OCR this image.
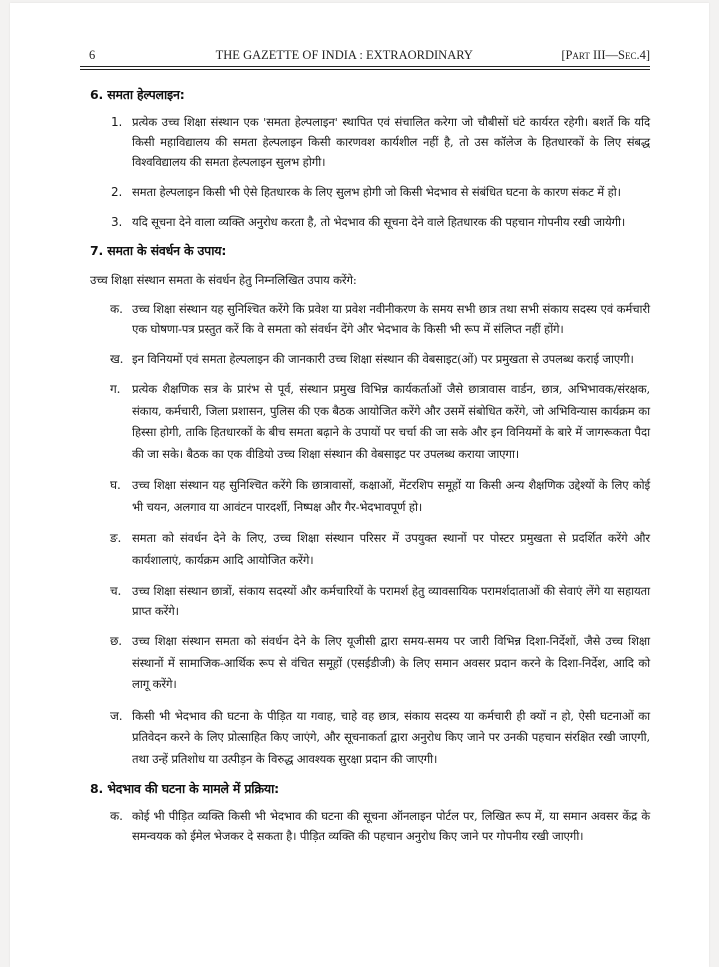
6	THE GAZETTE OF INDIA : EXTRAORDINARY	[Part III—Sec.4]
6. समता हेल्पलाइन:
1. प्रत्येक उच्च शिक्षा संस्थान एक 'समता हेल्पलाइन' स्थापित एवं संचालित करेगा जो चौबीसों घंटे कार्यरत रहेगी। बशर्ते कि यदि किसी महाविद्यालय की समता हेल्पलाइन किसी कारणवश कार्यशील नहीं है, तो उस कॉलेज के हितधारकों के लिए संबद्ध विश्वविद्यालय की समता हेल्पलाइन सुलभ होगी।
2. समता हेल्पलाइन किसी भी ऐसे हितधारक के लिए सुलभ होगी जो किसी भेदभाव से संबंधित घटना के कारण संकट में हो।
3. यदि सूचना देने वाला व्यक्ति अनुरोध करता है, तो भेदभाव की सूचना देने वाले हितधारक की पहचान गोपनीय रखी जायेगी।
7. समता के संवर्धन के उपाय:
उच्च शिक्षा संस्थान समता के संवर्धन हेतु निम्नलिखित उपाय करेंगे:
क. उच्च शिक्षा संस्थान यह सुनिश्चित करेंगे कि प्रवेश या प्रवेश नवीनीकरण के समय सभी छात्र तथा सभी संकाय सदस्य एवं कर्मचारी एक घोषणा-पत्र प्रस्तुत करें कि वे समता को संवर्धन देंगे और भेदभाव के किसी भी रूप में संलिप्त नहीं होंगे।
ख. इन विनियमों एवं समता हेल्पलाइन की जानकारी उच्च शिक्षा संस्थान की वेबसाइट(ओं) पर प्रमुखता से उपलब्ध कराई जाएगी।
ग. प्रत्येक शैक्षणिक सत्र के प्रारंभ से पूर्व, संस्थान प्रमुख विभिन्न कार्यकर्ताओं जैसे छात्रावास वार्डन, छात्र, अभिभावक/संरक्षक, संकाय, कर्मचारी, जिला प्रशासन, पुलिस की एक बैठक आयोजित करेंगे और उसमें संबोधित करेंगे, जो अभिविन्यास कार्यक्रम का हिस्सा होगी, ताकि हितधारकों के बीच समता बढ़ाने के उपायों पर चर्चा की जा सके और इन विनियमों के बारे में जागरूकता पैदा की जा सके। बैठक का एक वीडियो उच्च शिक्षा संस्थान की वेबसाइट पर उपलब्ध कराया जाएगा।
घ. उच्च शिक्षा संस्थान यह सुनिश्चित करेंगे कि छात्रावासों, कक्षाओं, मेंटरशिप समूहों या किसी अन्य शैक्षणिक उद्देश्यों के लिए कोई भी चयन, अलगाव या आवंटन पारदर्शी, निष्पक्ष और गैर-भेदभावपूर्ण हो।
ङ. समता को संवर्धन देने के लिए, उच्च शिक्षा संस्थान परिसर में उपयुक्त स्थानों पर पोस्टर प्रमुखता से प्रदर्शित करेंगे और कार्यशालाएं, कार्यक्रम आदि आयोजित करेंगे।
च. उच्च शिक्षा संस्थान छात्रों, संकाय सदस्यों और कर्मचारियों के परामर्श हेतु व्यावसायिक परामर्शदाताओं की सेवाएं लेंगे या सहायता प्राप्त करेंगे।
छ. उच्च शिक्षा संस्थान समता को संवर्धन देने के लिए यूजीसी द्वारा समय-समय पर जारी विभिन्न दिशा-निर्देशों, जैसे उच्च शिक्षा संस्थानों में सामाजिक-आर्थिक रूप से वंचित समूहों (एसईडीजी) के लिए समान अवसर प्रदान करने के दिशा-निर्देश, आदि को लागू करेंगे।
ज. किसी भी भेदभाव की घटना के पीड़ित या गवाह, चाहे वह छात्र, संकाय सदस्य या कर्मचारी ही क्यों न हो, ऐसी घटनाओं का प्रतिवेदन करने के लिए प्रोत्साहित किए जाएंगे, और सूचनाकर्ता द्वारा अनुरोध किए जाने पर उनकी पहचान संरक्षित रखी जाएगी, तथा उन्हें प्रतिशोध या उत्पीड़न के विरुद्ध आवश्यक सुरक्षा प्रदान की जाएगी।
8. भेदभाव की घटना के मामले में प्रक्रिया:
क. कोई भी पीड़ित व्यक्ति किसी भी भेदभाव की घटना की सूचना ऑनलाइन पोर्टल पर, लिखित रूप में, या समान अवसर केंद्र के समन्वयक को ईमेल भेजकर दे सकता है। पीड़ित व्यक्ति की पहचान अनुरोध किए जाने पर गोपनीय रखी जाएगी।
